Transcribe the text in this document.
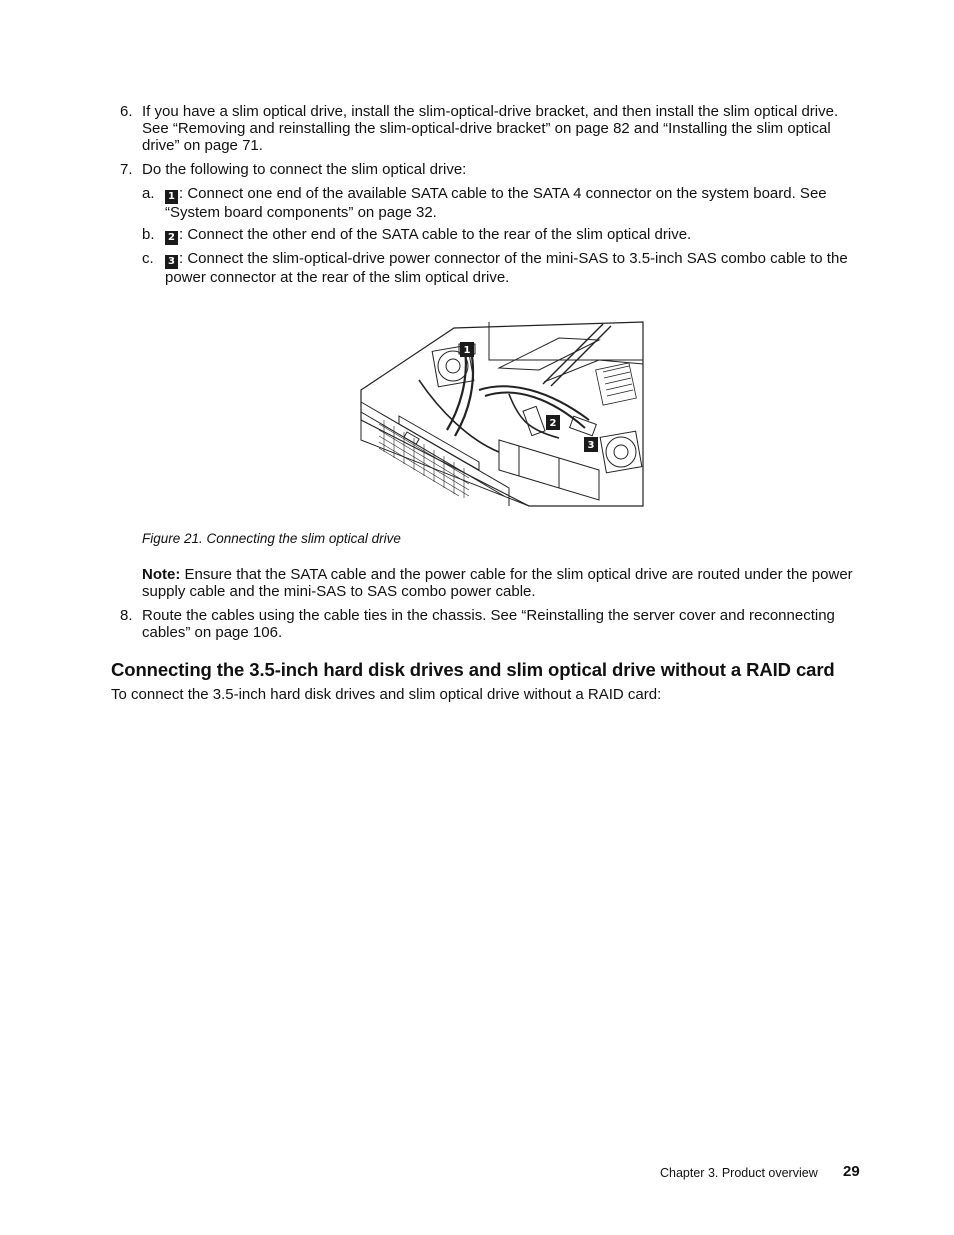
6. If you have a slim optical drive, install the slim-optical-drive bracket, and then install the slim optical drive. See “Removing and reinstalling the slim-optical-drive bracket” on page 82 and “Installing the slim optical drive” on page 71.

7. Do the following to connect the slim optical drive:

a.	1 : Connect one end of the available SATA cable to the SATA 4 connector on the system board. See “System board components” on page 32.

b.	2 : Connect the other end of the SATA cable to the rear of the slim optical drive.

c.	3 : Connect the slim-optical-drive power connector of the mini-SAS to 3.5-inch SAS combo cable to the power connector at the rear of the slim optical drive.

1
2
3
Figure 21. Connecting the slim optical drive

Note: Ensure that the SATA cable and the power cable for the slim optical drive are routed under the power supply cable and the mini-SAS to SAS combo power cable.

8. Route the cables using the cable ties in the chassis. See “Reinstalling the server cover and reconnecting cables” on page 106.

Connecting the 3.5-inch hard disk drives and slim optical drive without a RAID card

To connect the 3.5-inch hard disk drives and slim optical drive without a RAID card:

Chapter 3. Product overview 29
